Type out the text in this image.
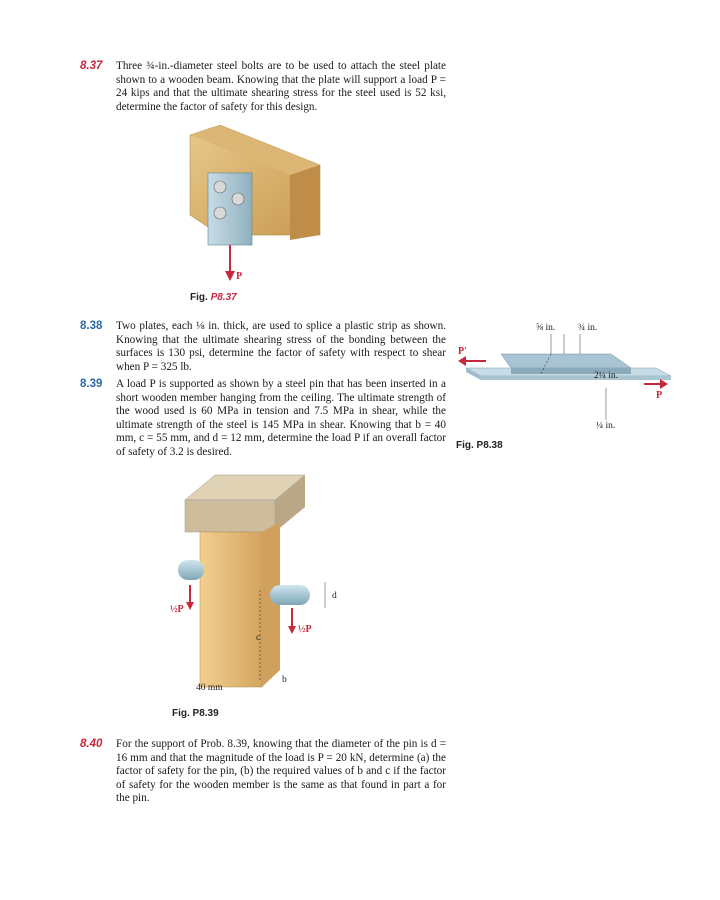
8.37 Three ¾-in.-diameter steel bolts are to be used to attach the steel plate shown to a wooden beam. Knowing that the plate will support a load P = 24 kips and that the ultimate shearing stress for the steel used is 52 ksi, determine the factor of safety for this design.
P
Fig. P8.37
8.38 Two plates, each ⅛ in. thick, are used to splice a plastic strip as shown. Knowing that the ultimate shearing stress of the bonding between the surfaces is 130 psi, determine the factor of safety with respect to shear when P = 325 lb.
⅝ in. ¾ in.
P′
P
2¼ in.
¼ in.
Fig. P8.38
8.39 A load P is supported as shown by a steel pin that has been inserted in a short wooden member hanging from the ceiling. The ultimate strength of the wood used is 60 MPa in tension and 7.5 MPa in shear, while the ultimate strength of the steel is 145 MPa in shear. Knowing that b = 40 mm, c = 55 mm, and d = 12 mm, determine the load P if an overall factor of safety of 3.2 is desired.
½P
½P
c
d
40 mm
b
Fig. P8.39
8.40 For the support of Prob. 8.39, knowing that the diameter of the pin is d = 16 mm and that the magnitude of the load is P = 20 kN, determine (a) the factor of safety for the pin, (b) the required values of b and c if the factor of safety for the wooden member is the same as that found in part a for the pin.
